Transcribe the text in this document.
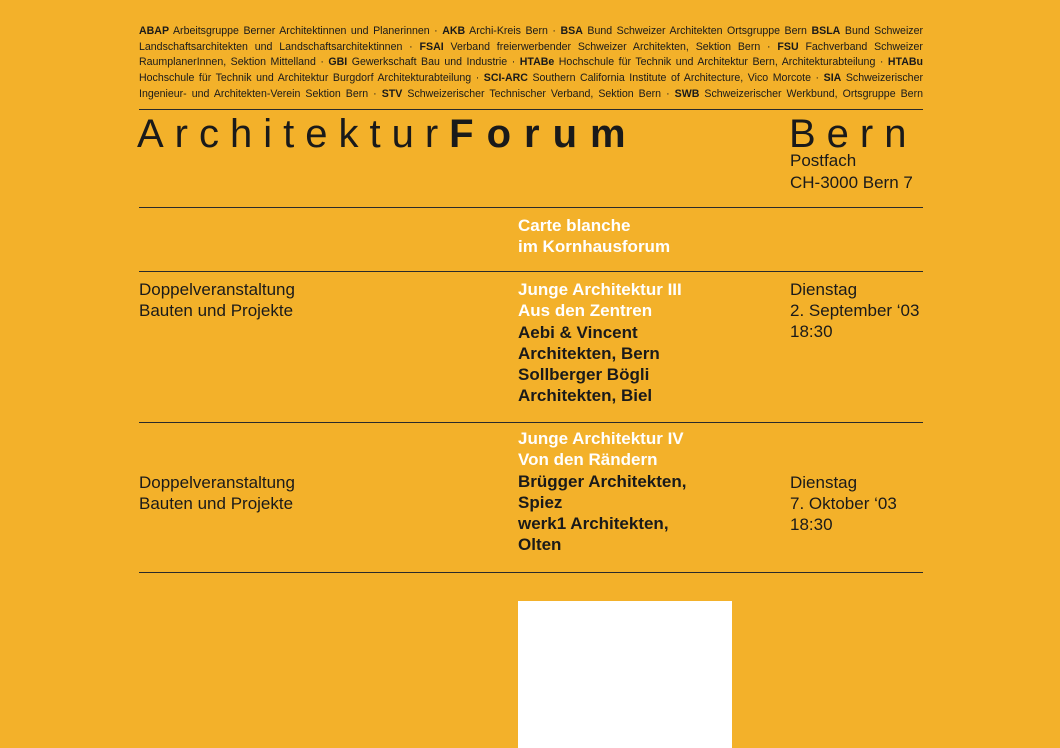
ABAP Arbeitsgruppe Berner Architektinnen und Planerinnen · AKB Archi-Kreis Bern · BSA Bund Schweizer Architekten Ortsgruppe Bern BSLA Bund Schweizer Landschaftsarchitekten und Landschaftsarchitektinnen · FSAI Verband freierwerbender Schweizer Architekten, Sektion Bern · FSU Fachverband Schweizer RaumplanerInnen, Sektion Mittelland · GBI Gewerkschaft Bau und Industrie · HTABe Hochschule für Technik und Architektur Bern, Architekturabteilung · HTABu Hochschule für Technik und Architektur Burgdorf Architekturabteilung · SCI-ARC Southern California Institute of Architecture, Vico Morcote · SIA Schweizerischer Ingenieur- und Architekten-Verein Sektion Bern · STV Schweizerischer Technischer Verband, Sektion Bern · SWB Schweizerischer Werkbund, Ortsgruppe Bern

ArchitekturForum	Bern
Postfach
CH-3000 Bern 7
Carte blanche
im Kornhausforum
Doppelveranstaltung
Bauten und Projekte
Junge Architektur III
Aus den Zentren
Aebi & Vincent
Architekten, Bern
Sollberger Bögli
Architekten, Biel
Dienstag
2. September ‘03
18:30
Junge Architektur IV
Von den Rändern
Brügger Architekten,
Spiez
werk1 Architekten,
Olten
Doppelveranstaltung
Bauten und Projekte
Dienstag
7. Oktober ‘03
18:30
